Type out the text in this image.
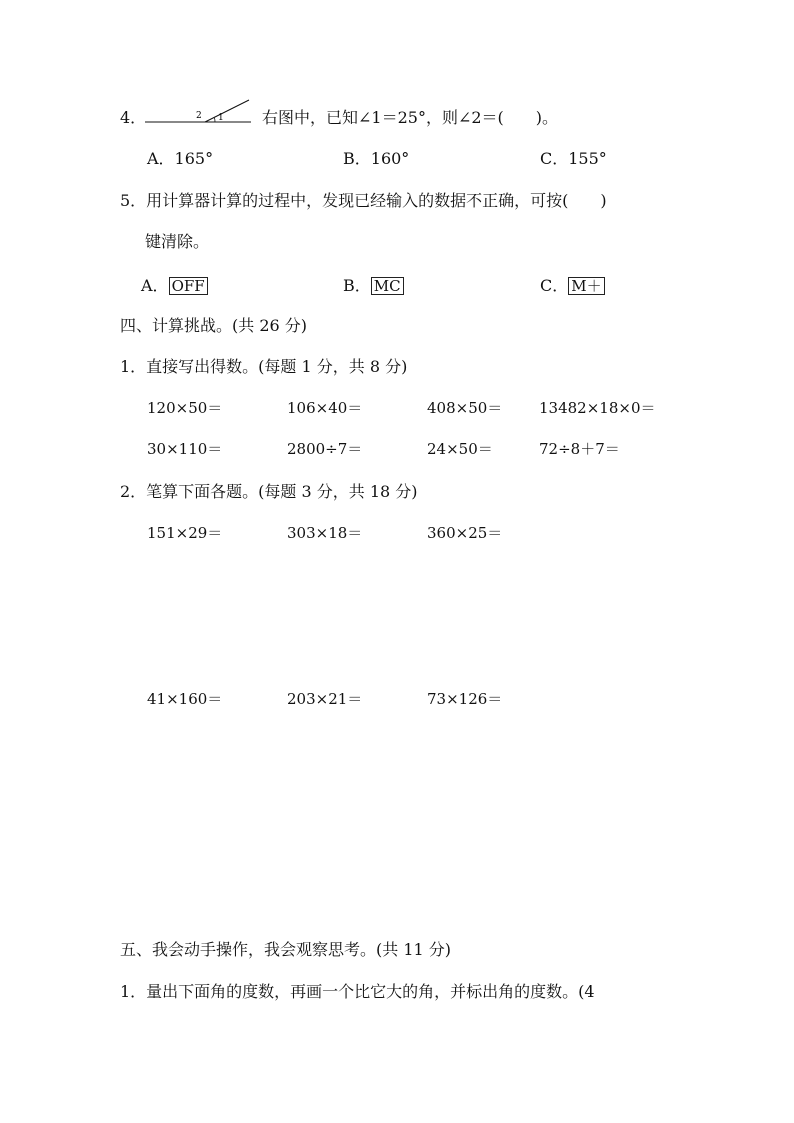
4．	2 1 右图中，已知∠1＝25°，则∠2＝(　　)。
A．165°	B．160°	C．155°
5．用计算器计算的过程中，发现已经输入的数据不正确，可按(　　)
键清除。
A． OFF	B． MC	C． M＋
四、计算挑战。(共 26 分)
1．直接写出得数。(每题 1 分，共 8 分)
120×50＝	106×40＝	408×50＝ 13482×18×0＝
30×110＝	2800÷7＝	24×50＝	72÷8＋7＝
2．笔算下面各题。(每题 3 分，共 18 分)
151×29＝	303×18＝	360×25＝
41×160＝	203×21＝	73×126＝
五、我会动手操作，我会观察思考。(共 11 分)
1．量出下面角的度数，再画一个比它大的角，并标出角的度数。(4
